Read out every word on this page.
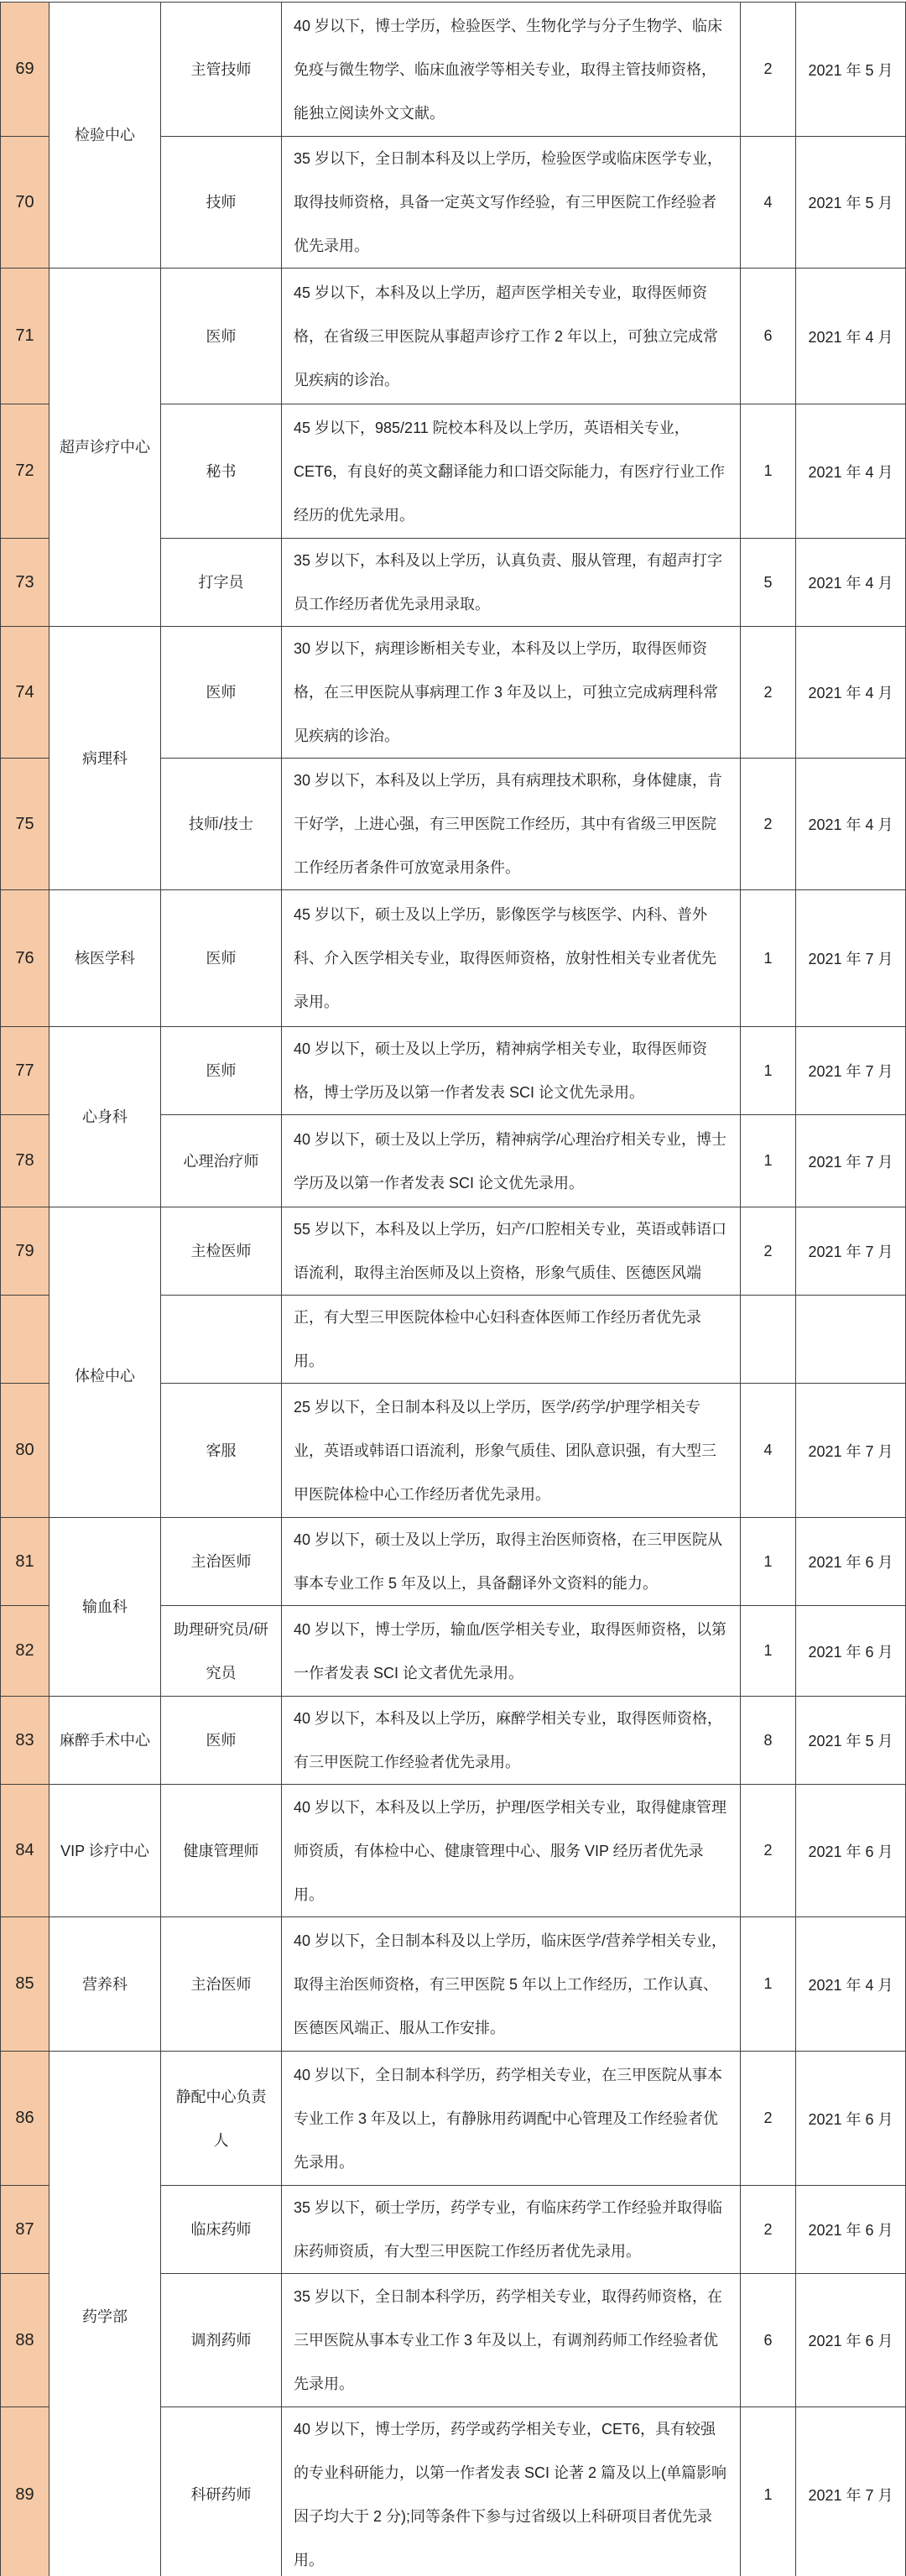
69	检验中心	主管技师	40 岁以下，博士学历，检验医学、生物化学与分子生物学、临床免疫与微生物学、临床血液学等相关专业，取得主管技师资格，能独立阅读外文文献。	2	2021 年 5 月
70		技师	35 岁以下，全日制本科及以上学历，检验医学或临床医学专业，取得技师资格，具备一定英文写作经验，有三甲医院工作经验者优先录用。	4	2021 年 5 月
71	超声诊疗中心	医师	45 岁以下，本科及以上学历，超声医学相关专业，取得医师资格，在省级三甲医院从事超声诊疗工作 2 年以上，可独立完成常见疾病的诊治。	6	2021 年 4 月
72		秘书	45 岁以下，985/211 院校本科及以上学历，英语相关专业，CET6，有良好的英文翻译能力和口语交际能力，有医疗行业工作经历的优先录用。	1	2021 年 4 月
73		打字员	35 岁以下，本科及以上学历，认真负责、服从管理，有超声打字员工作经历者优先录用录取。	5	2021 年 4 月
74	病理科	医师	30 岁以下，病理诊断相关专业，本科及以上学历，取得医师资格，在三甲医院从事病理工作 3 年及以上，可独立完成病理科常见疾病的诊治。	2	2021 年 4 月
75		技师/技士	30 岁以下，本科及以上学历，具有病理技术职称，身体健康，肯干好学，上进心强，有三甲医院工作经历，其中有省级三甲医院工作经历者条件可放宽录用条件。	2	2021 年 4 月
76	核医学科	医师	45 岁以下，硕士及以上学历，影像医学与核医学、内科、普外科、介入医学相关专业，取得医师资格，放射性相关专业者优先录用。	1	2021 年 7 月
77	心身科	医师	40 岁以下，硕士及以上学历，精神病学相关专业，取得医师资格，博士学历及以第一作者发表 SCI 论文优先录用。	1	2021 年 7 月
78		心理治疗师	40 岁以下，硕士及以上学历，精神病学/心理治疗相关专业，博士学历及以第一作者发表 SCI 论文优先录用。	1	2021 年 7 月
79	体检中心	主检医师	55 岁以下，本科及以上学历，妇产/口腔相关专业，英语或韩语口语流利，取得主治医师及以上资格，形象气质佳、医德医风端	2	2021 年 7 月
			正，有大型三甲医院体检中心妇科查体医师工作经历者优先录用。		
80		客服	25 岁以下，全日制本科及以上学历，医学/药学/护理学相关专业，英语或韩语口语流利，形象气质佳、团队意识强，有大型三甲医院体检中心工作经历者优先录用。	4	2021 年 7 月
81	输血科	主治医师	40 岁以下，硕士及以上学历，取得主治医师资格，在三甲医院从事本专业工作 5 年及以上，具备翻译外文资料的能力。	1	2021 年 6 月
82		助理研究员/研究员	40 岁以下，博士学历，输血/医学相关专业，取得医师资格，以第一作者发表 SCI 论文者优先录用。	1	2021 年 6 月
83	麻醉手术中心	医师	40 岁以下，本科及以上学历，麻醉学相关专业，取得医师资格，有三甲医院工作经验者优先录用。	8	2021 年 5 月
84	VIP 诊疗中心	健康管理师	40 岁以下，本科及以上学历，护理/医学相关专业，取得健康管理师资质，有体检中心、健康管理中心、服务 VIP 经历者优先录用。	2	2021 年 6 月
85	营养科	主治医师	40 岁以下，全日制本科及以上学历，临床医学/营养学相关专业，取得主治医师资格，有三甲医院 5 年以上工作经历，工作认真、医德医风端正、服从工作安排。	1	2021 年 4 月
86	药学部	静配中心负责人	40 岁以下，全日制本科学历，药学相关专业，在三甲医院从事本专业工作 3 年及以上，有静脉用药调配中心管理及工作经验者优先录用。	2	2021 年 6 月
87		临床药师	35 岁以下，硕士学历，药学专业，有临床药学工作经验并取得临床药师资质，有大型三甲医院工作经历者优先录用。	2	2021 年 6 月
88		调剂药师	35 岁以下，全日制本科学历，药学相关专业，取得药师资格，在三甲医院从事本专业工作 3 年及以上，有调剂药师工作经验者优先录用。	6	2021 年 6 月
89		科研药师	40 岁以下，博士学历，药学或药学相关专业，CET6，具有较强的专业科研能力，以第一作者发表 SCI 论著 2 篇及以上(单篇影响因子均大于 2 分);同等条件下参与过省级以上科研项目者优先录用。	1	2021 年 7 月
